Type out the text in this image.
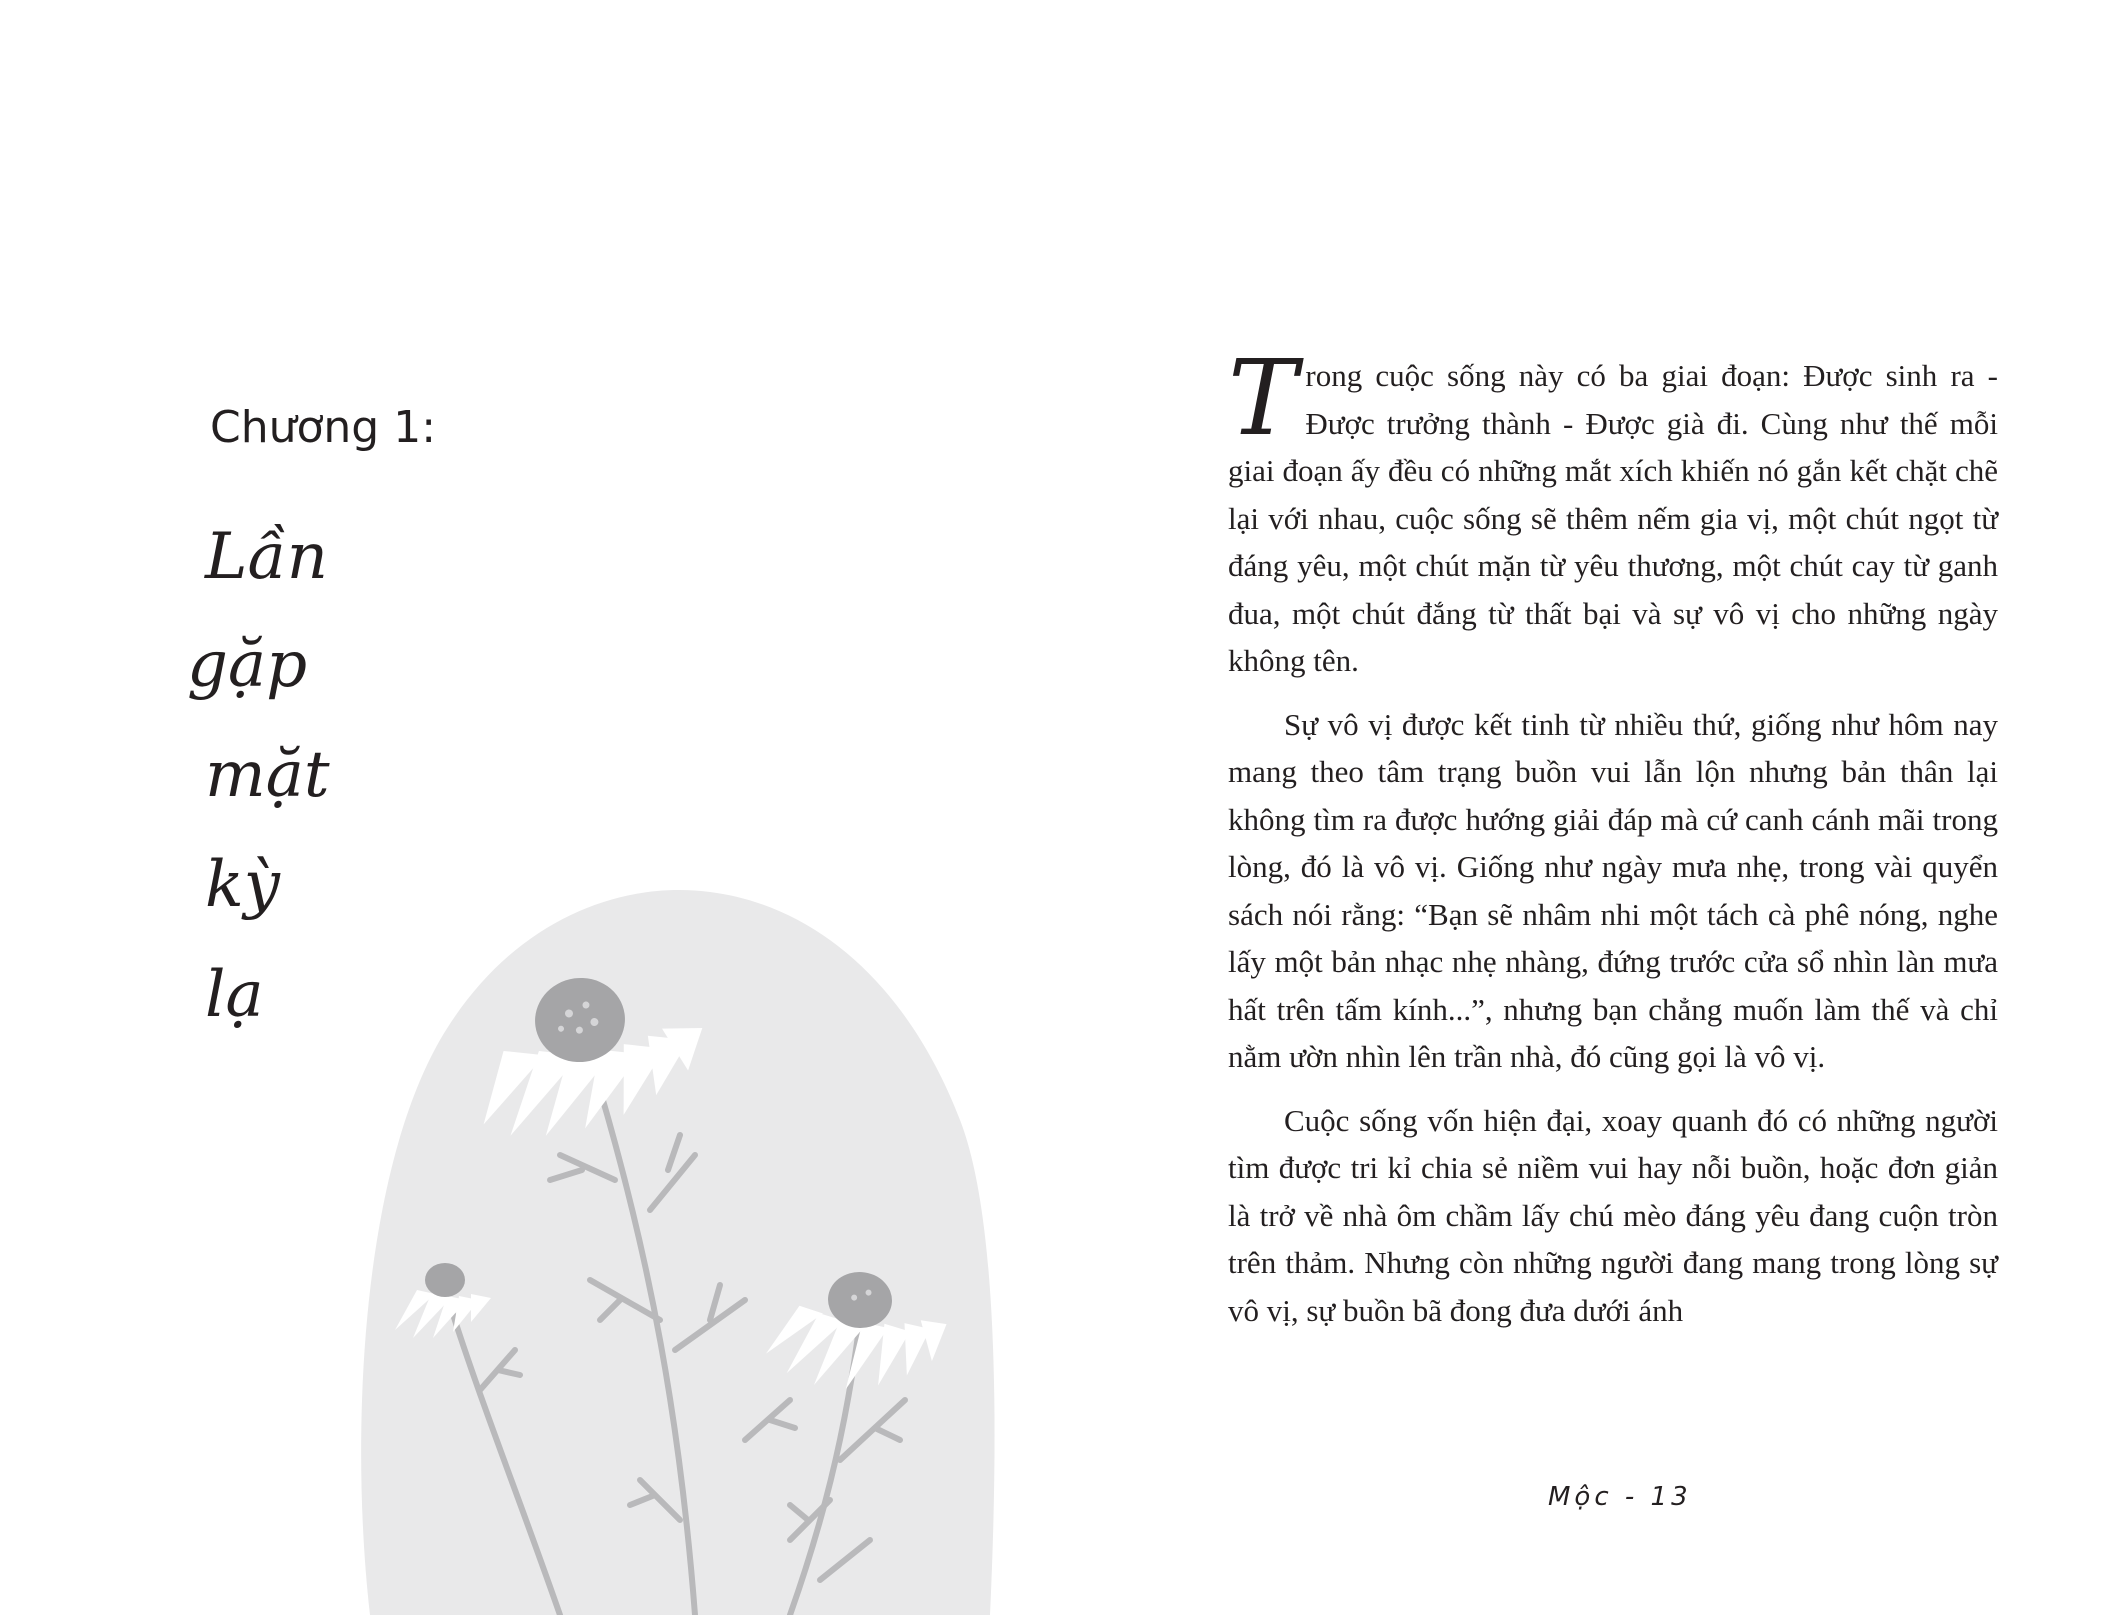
Chương 1:
Lần
gặp
mặt
kỳ
lạ

Trong cuộc sống này có ba giai đoạn: Được sinh ra - Được trưởng thành - Được già đi. Cùng như thế mỗi giai đoạn ấy đều có những mắt xích khiến nó gắn kết chặt chẽ lại với nhau, cuộc sống sẽ thêm nếm gia vị, một chút ngọt từ đáng yêu, một chút mặn từ yêu thương, một chút cay từ ganh đua, một chút đắng từ thất bại và sự vô vị cho những ngày không tên.

Sự vô vị được kết tinh từ nhiều thứ, giống như hôm nay mang theo tâm trạng buồn vui lẫn lộn nhưng bản thân lại không tìm ra được hướng giải đáp mà cứ canh cánh mãi trong lòng, đó là vô vị. Giống như ngày mưa nhẹ, trong vài quyển sách nói rằng: “Bạn sẽ nhâm nhi một tách cà phê nóng, nghe lấy một bản nhạc nhẹ nhàng, đứng trước cửa sổ nhìn làn mưa hất trên tấm kính...”, nhưng bạn chẳng muốn làm thế và chỉ nằm ườn nhìn lên trần nhà, đó cũng gọi là vô vị.

Cuộc sống vốn hiện đại, xoay quanh đó có những người tìm được tri kỉ chia sẻ niềm vui hay nỗi buồn, hoặc đơn giản là trở về nhà ôm chầm lấy chú mèo đáng yêu đang cuộn tròn trên thảm. Nhưng còn những người đang mang trong lòng sự vô vị, sự buồn bã đong đưa dưới ánh

Mộc - 13
